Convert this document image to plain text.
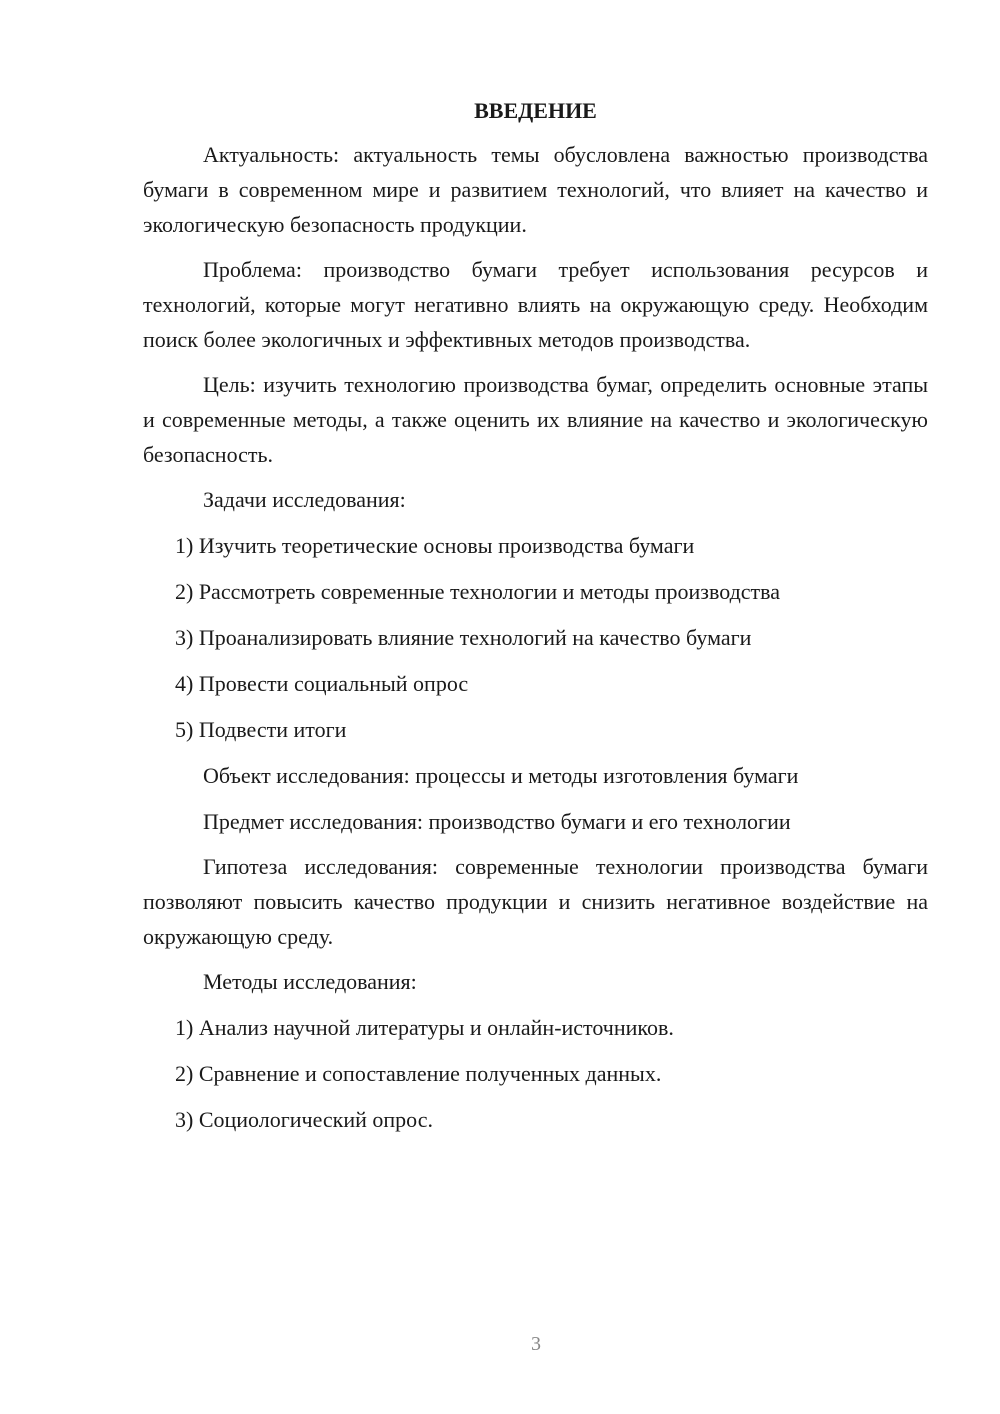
ВВЕДЕНИЕ

Актуальность: актуальность темы обусловлена важностью производства бумаги в современном мире и развитием технологий, что влияет на качество и экологическую безопасность продукции.

Проблема: производство бумаги требует использования ресурсов и технологий, которые могут негативно влиять на окружающую среду. Необходим поиск более экологичных и эффективных методов производства.

Цель: изучить технологию производства бумаг, определить основные этапы и современные методы, а также оценить их влияние на качество и экологическую безопасность.

Задачи исследования:

1) Изучить теоретические основы производства бумаги

2) Рассмотреть современные технологии и методы производства

3) Проанализировать влияние технологий на качество бумаги

4) Провести социальный опрос

5) Подвести итоги

Объект исследования: процессы и методы изготовления бумаги

Предмет исследования: производство бумаги и его технологии

Гипотеза исследования: современные технологии производства бумаги позволяют повысить качество продукции и снизить негативное воздействие на окружающую среду.

Методы исследования:

1) Анализ научной литературы и онлайн-источников.

2) Сравнение и сопоставление полученных данных.

3) Социологический опрос.

3
